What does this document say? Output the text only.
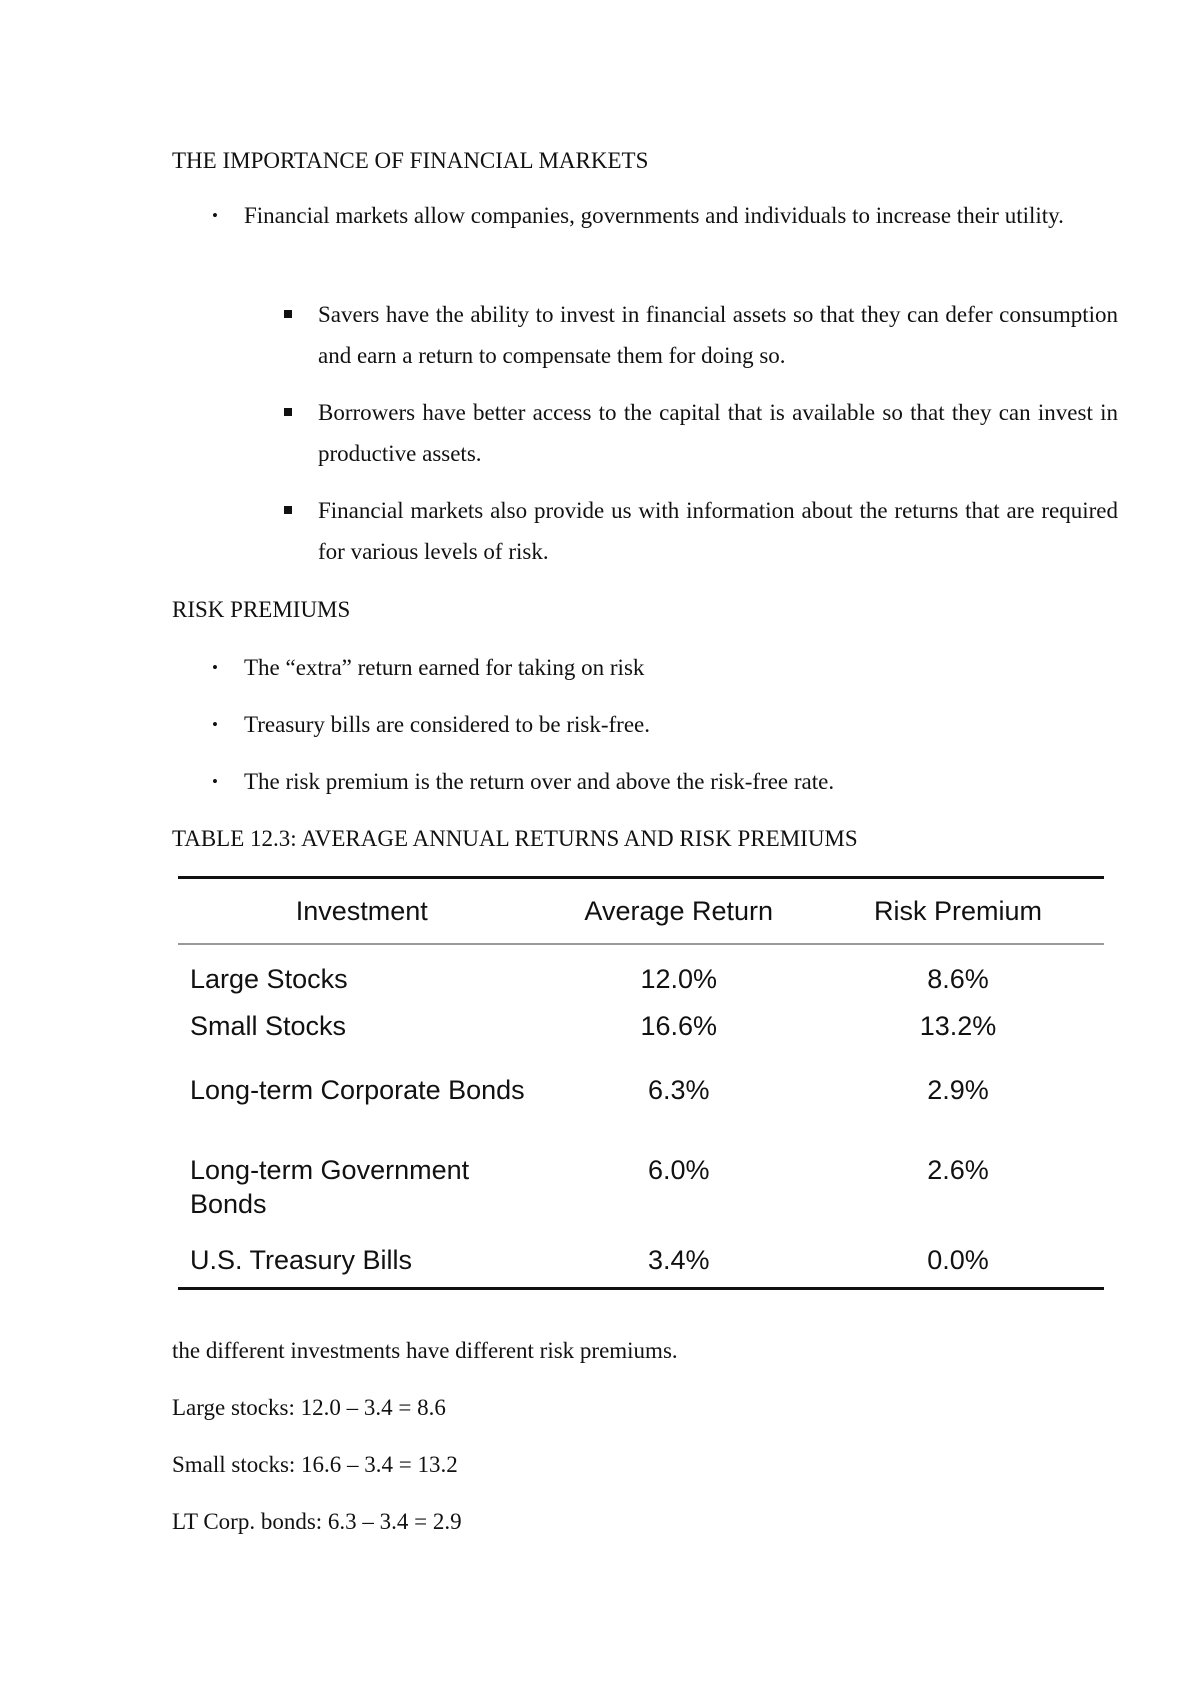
THE IMPORTANCE OF FINANCIAL MARKETS
• Financial markets allow companies, governments and individuals to increase their utility.
Savers have the ability to invest in financial assets so that they can defer consumption and earn a return to compensate them for doing so.
Borrowers have better access to the capital that is available so that they can invest in productive assets.
Financial markets also provide us with information about the returns that are required for various levels of risk.
RISK PREMIUMS
• The “extra” return earned for taking on risk
• Treasury bills are considered to be risk-free.
• The risk premium is the return over and above the risk-free rate.

TABLE 12.3: AVERAGE ANNUAL RETURNS AND RISK PREMIUMS

Investment	Average Return	Risk Premium
Large Stocks	12.0%	8.6%
Small Stocks	16.6%	13.2%
Long-term Corporate Bonds	6.3%	2.9%
Long-term Government Bonds	6.0%	2.6%
U.S. Treasury Bills	3.4%	0.0%

the different investments have different risk premiums.

Large stocks: 12.0 – 3.4 = 8.6

Small stocks: 16.6 – 3.4 = 13.2

LT Corp. bonds: 6.3 – 3.4 = 2.9
